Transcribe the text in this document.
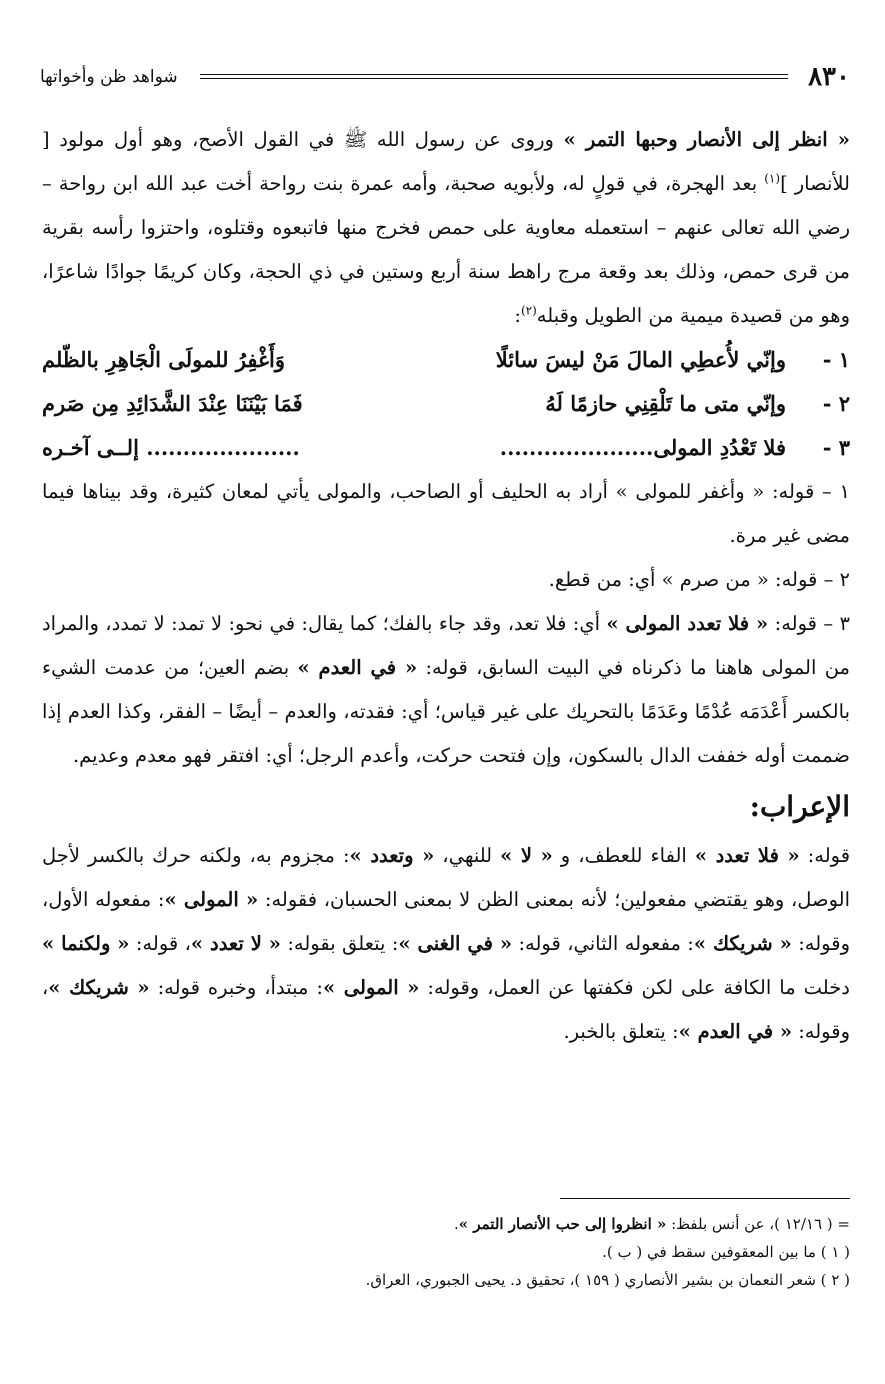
٨٣٠
شواهد ظن وأخواتها

« انظر إلى الأنصار وحبها التمر » وروى عن رسول الله ﷺ في القول الأصح، وهو أول مولود [ للأنصار ]$^{(١)}$ بعد الهجرة، في قولٍ له، ولأبويه صحبة، وأمه عمرة بنت رواحة أخت عبد الله ابن رواحة – رضي الله تعالى عنهم – استعمله معاوية على حمص فخرج منها فاتبعوه وقتلوه، واحتزوا رأسه بقرية من قرى حمص، وذلك بعد وقعة مرج راهط سنة أربع وستين في ذي الحجة، وكان كريمًا جوادًا شاعرًا، وهو من قصيدة ميمية من الطويل وقبله$^{(٢)}$:

١ -
وإنّي لأُعطِي المالَ مَنْ ليسَ سائلًا
وَأَغْفِرُ للمولَى الْجَاهِرِ بالظّلم
٢ -
وإنّي متى ما تَلْقِنِي حازمًا لَهُ
فَمَا بَيْنَنَا عِنْدَ الشَّدَائِدِ مِن صَرم
٣ -
فلا تَعْدُدِ المولى.....................
..................... إلــى آخـره

١ – قوله: « وأغفر للمولى » أراد به الحليف أو الصاحب، والمولى يأتي لمعان كثيرة، وقد بيناها فيما مضى غير مرة.

٢ – قوله: « من صرم » أي: من قطع.

٣ – قوله: « فلا تعدد المولى » أي: فلا تعد، وقد جاء بالفك؛ كما يقال: في نحو: لا تمد: لا تمدد، والمراد من المولى هاهنا ما ذكرناه في البيت السابق، قوله: « في العدم » بضم العين؛ من عدمت الشيء بالكسر أَعْدَمَه عُدْمًا وعَدَمًا بالتحريك على غير قياس؛ أي: فقدته، والعدم – أيضًا – الفقر، وكذا العدم إذا ضممت أوله خففت الدال بالسكون، وإن فتحت حركت، وأعدم الرجل؛ أي: افتقر فهو معدم وعديم.

الإعراب:

قوله: « فلا تعدد » الفاء للعطف، و « لا » للنهي، « وتعدد »: مجزوم به، ولكنه حرك بالكسر لأجل الوصل، وهو يقتضي مفعولين؛ لأنه بمعنى الظن لا بمعنى الحسبان، فقوله: « المولى »: مفعوله الأول، وقوله: « شريكك »: مفعوله الثاني، قوله: « في الغنى »: يتعلق بقوله: « لا تعدد »، قوله: « ولكنما » دخلت ما الكافة على لكن فكفتها عن العمل، وقوله: « المولى »: مبتدأ، وخبره قوله: « شريكك »، وقوله: « في العدم »: يتعلق بالخبر.

= ( ١٢/١٦ )، عن أنس بلفظ: « انظروا إلى حب الأنصار التمر ».

( ١ ) ما بين المعقوفين سقط في ( ب ).

( ٢ ) شعر النعمان بن بشير الأنصاري ( ١٥٩ )، تحقيق د. يحيى الجبوري، العراق.
